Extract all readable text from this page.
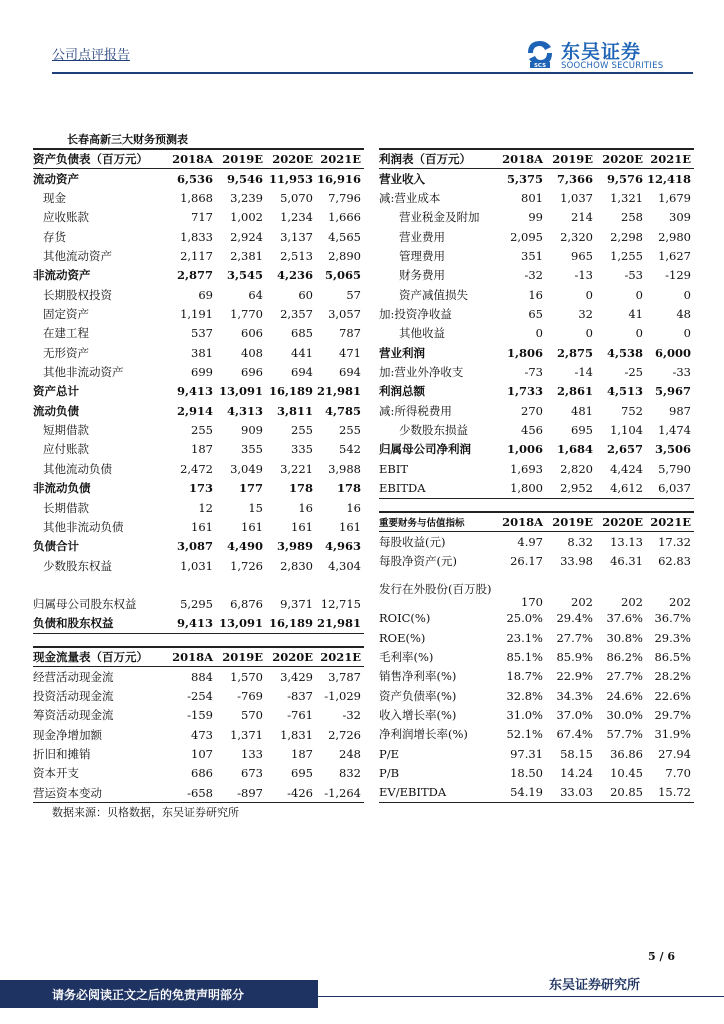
公司点评报告
SCS
东吴证券
SOOCHOW SECURITIES
长春高新三大财务预测表
资产负债表（百万元）	2018A	2019E	2020E	2021E
流动资产	6,536	9,546	11,953	16,916
现金	1,868	3,239	5,070	7,796
应收账款	717	1,002	1,234	1,666
存货	1,833	2,924	3,137	4,565
其他流动资产	2,117	2,381	2,513	2,890
非流动资产	2,877	3,545	4,236	5,065
长期股权投资	69	64	60	57
固定资产	1,191	1,770	2,357	3,057
在建工程	537	606	685	787
无形资产	381	408	441	471
其他非流动资产	699	696	694	694
资产总计	9,413	13,091	16,189	21,981
流动负债	2,914	4,313	3,811	4,785
短期借款	255	909	255	255
应付账款	187	355	335	542
其他流动负债	2,472	3,049	3,221	3,988
非流动负债	173	177	178	178
长期借款	12	15	16	16
其他非流动负债	161	161	161	161
负债合计	3,087	4,490	3,989	4,963
少数股东权益	1,031	1,726	2,830	4,304

归属母公司股东权益	5,295	6,876	9,371	12,715
负债和股东权益	9,413	13,091	16,189	21,981
利润表（百万元）	2018A	2019E	2020E	2021E
营业收入	5,375	7,366	9,576	12,418
减:营业成本	801	1,037	1,321	1,679
营业税金及附加	99	214	258	309
营业费用	2,095	2,320	2,298	2,980
管理费用	351	965	1,255	1,627
财务费用	-32	-13	-53	-129
资产减值损失	16	0	0	0
加:投资净收益	65	32	41	48
其他收益	0	0	0	0
营业利润	1,806	2,875	4,538	6,000
加:营业外净收支	-73	-14	-25	-33
利润总额	1,733	2,861	4,513	5,967
减:所得税费用	270	481	752	987
少数股东损益	456	695	1,104	1,474
归属母公司净利润	1,006	1,684	2,657	3,506
EBIT	1,693	2,820	4,424	5,790
EBITDA	1,800	2,952	4,612	6,037
重要财务与估值指标	2018A	2019E	2020E	2021E
每股收益(元)	4.97	8.32	13.13	17.32
每股净资产(元)	26.17	33.98	46.31	62.83
发行在外股份(百万股)	170	202	202	202
ROIC(%)	25.0%	29.4%	37.6%	36.7%
ROE(%)	23.1%	27.7%	30.8%	29.3%
毛利率(%)	85.1%	85.9%	86.2%	86.5%
销售净利率(%)	18.7%	22.9%	27.7%	28.2%
资产负债率(%)	32.8%	34.3%	24.6%	22.6%
收入增长率(%)	31.0%	37.0%	30.0%	29.7%
净利润增长率(%)	52.1%	67.4%	57.7%	31.9%
P/E	97.31	58.15	36.86	27.94
P/B	18.50	14.24	10.45	7.70
EV/EBITDA	54.19	33.03	20.85	15.72
现金流量表（百万元）	2018A	2019E	2020E	2021E
经营活动现金流	884	1,570	3,429	3,787
投资活动现金流	-254	-769	-837	-1,029
筹资活动现金流	-159	570	-761	-32
现金净增加额	473	1,371	1,831	2,726
折旧和摊销	107	133	187	248
资本开支	686	673	695	832
营运资本变动	-658	-897	-426	-1,264
数据来源：贝格数据，东吴证券研究所
5 / 6
请务必阅读正文之后的免责声明部分
东吴证券研究所
